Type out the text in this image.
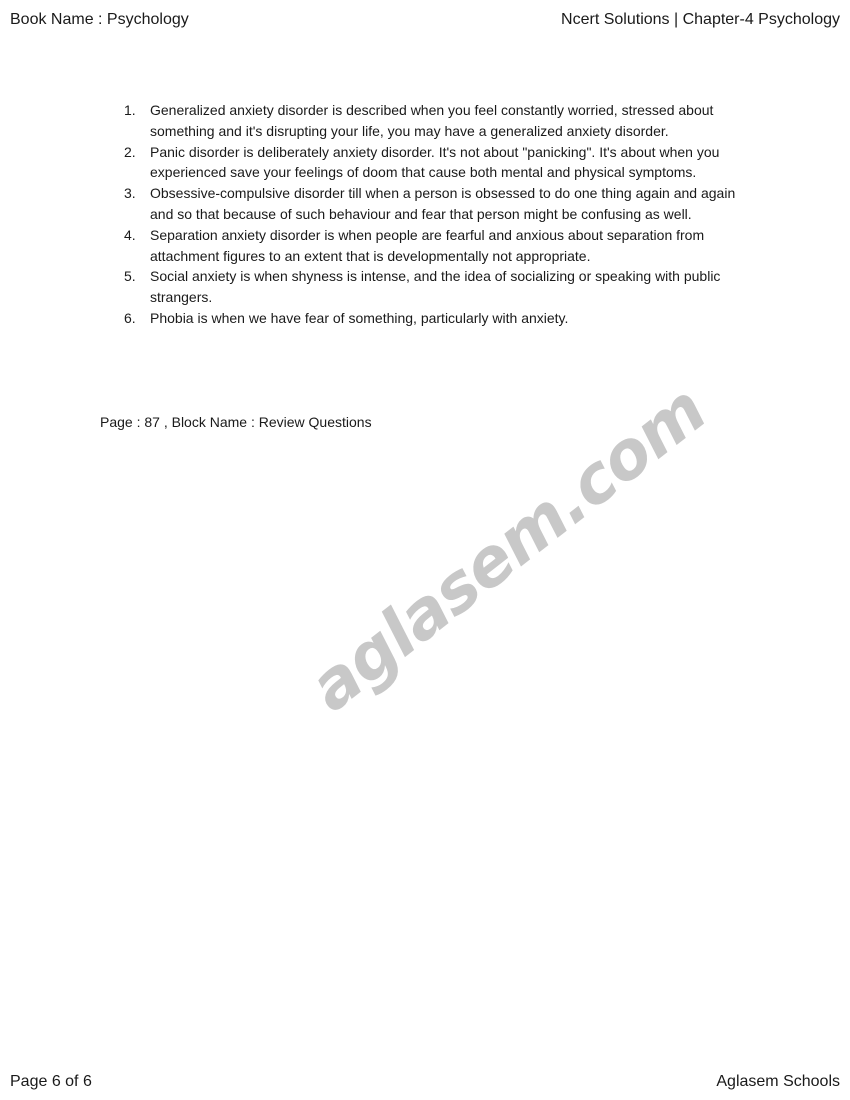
Book Name : Psychology	Ncert Solutions | Chapter-4 Psychology
1. Generalized anxiety disorder is described when you feel constantly worried, stressed about something and it's disrupting your life, you may have a generalized anxiety disorder.
2. Panic disorder is deliberately anxiety disorder. It's not about "panicking". It's about when you experienced save your feelings of doom that cause both mental and physical symptoms.
3. Obsessive-compulsive disorder till when a person is obsessed to do one thing again and again and so that because of such behaviour and fear that person might be confusing as well.
4. Separation anxiety disorder is when people are fearful and anxious about separation from attachment figures to an extent that is developmentally not appropriate.
5. Social anxiety is when shyness is intense, and the idea of socializing or speaking with public strangers.
6. Phobia is when we have fear of something, particularly with anxiety.
Page : 87 , Block Name : Review Questions
aglasem.com
Page 6 of 6	Aglasem Schools
